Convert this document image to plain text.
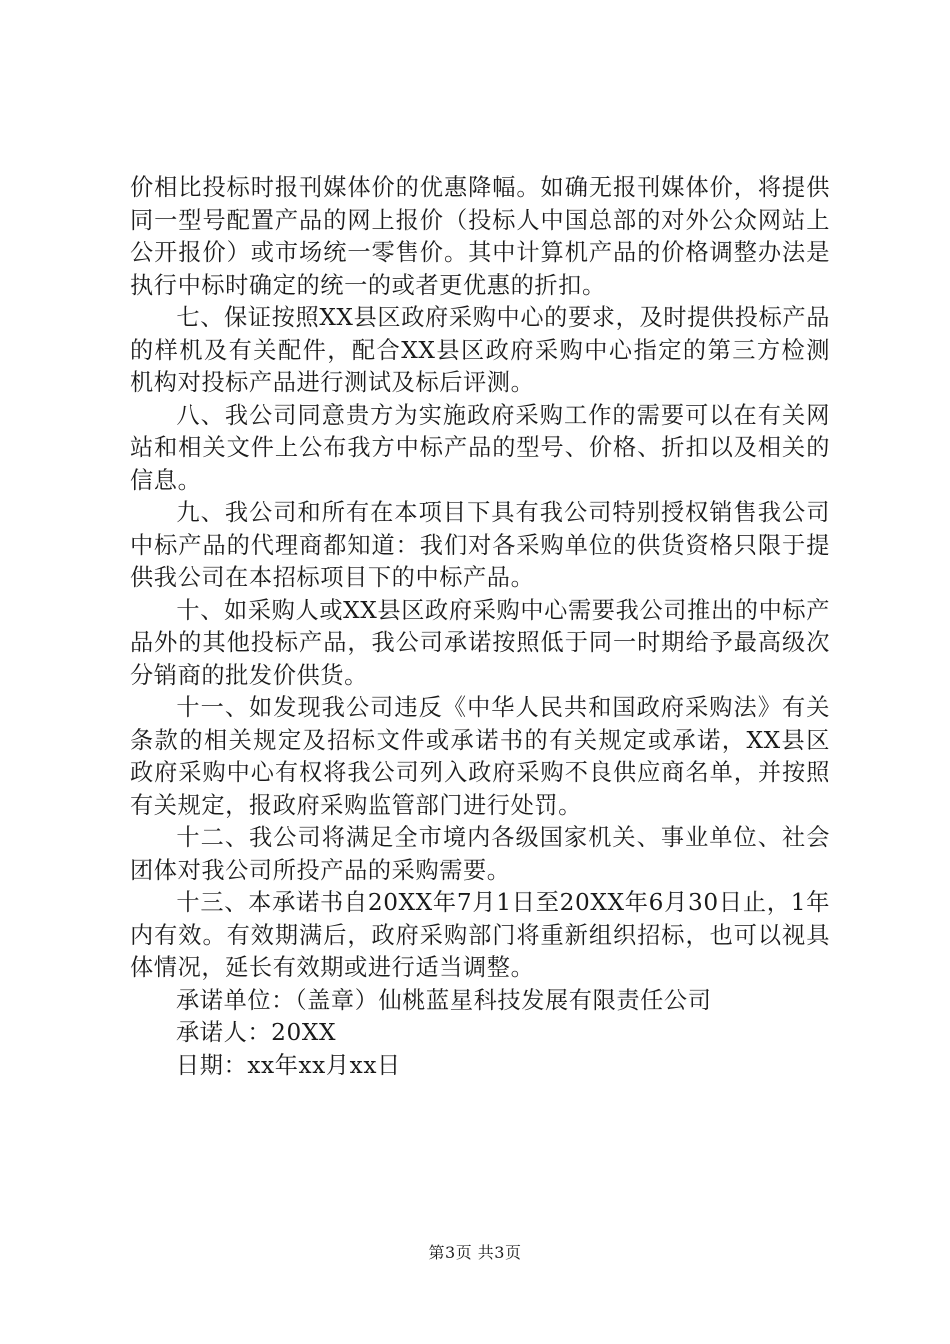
价相比投标时报刊媒体价的优惠降幅。如确无报刊媒体价，将提供同一型号配置产品的网上报价（投标人中国总部的对外公众网站上公开报价）或市场统一零售价。其中计算机产品的价格调整办法是执行中标时确定的统一的或者更优惠的折扣。

七、保证按照XX县区政府采购中心的要求，及时提供投标产品的样机及有关配件，配合XX县区政府采购中心指定的第三方检测机构对投标产品进行测试及标后评测。

八、我公司同意贵方为实施政府采购工作的需要可以在有关网站和相关文件上公布我方中标产品的型号、价格、折扣以及相关的信息。

九、我公司和所有在本项目下具有我公司特别授权销售我公司中标产品的代理商都知道：我们对各采购单位的供货资格只限于提供我公司在本招标项目下的中标产品。

十、如采购人或XX县区政府采购中心需要我公司推出的中标产品外的其他投标产品，我公司承诺按照低于同一时期给予最高级次分销商的批发价供货。

十一、如发现我公司违反《中华人民共和国政府采购法》有关条款的相关规定及招标文件或承诺书的有关规定或承诺，XX县区政府采购中心有权将我公司列入政府采购不良供应商名单，并按照有关规定，报政府采购监管部门进行处罚。

十二、我公司将满足全市境内各级国家机关、事业单位、社会团体对我公司所投产品的采购需要。

十三、本承诺书自20XX年7月1日至20XX年6月30日止，1年内有效。有效期满后，政府采购部门将重新组织招标，也可以视具体情况，延长有效期或进行适当调整。

承诺单位：（盖章）仙桃蓝星科技发展有限责任公司

承诺人：20XX

日期：xx年xx月xx日

第3页 共3页
